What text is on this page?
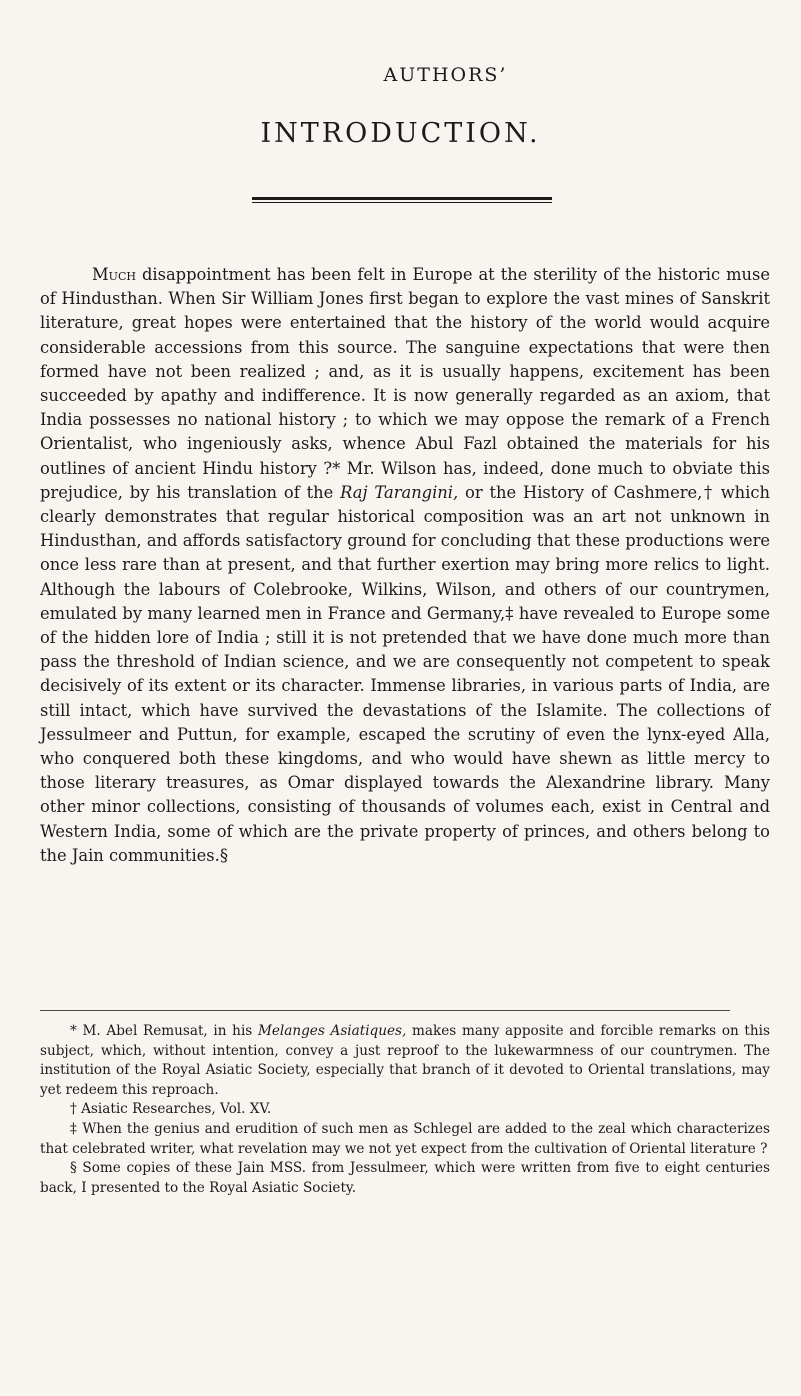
AUTHORS’
INTRODUCTION.

Much disappointment has been felt in Europe at the sterility of the historic muse of Hindusthan. When Sir William Jones first began to explore the vast mines of Sanskrit literature, great hopes were entertained that the history of the world would acquire considerable accessions from this source. The sanguine expectations that were then formed have not been realized ; and, as it is usually happens, excitement has been succeeded by apathy and indifference. It is now generally regarded as an axiom, that India possesses no national history ; to which we may oppose the remark of a French Orientalist, who ingeniously asks, whence Abul Fazl obtained the materials for his outlines of ancient Hindu history ?* Mr. Wilson has, indeed, done much to obviate this prejudice, by his translation of the Raj Tarangini, or the History of Cashmere,† which clearly demonstrates that regular historical composition was an art not unknown in Hindusthan, and affords satisfactory ground for concluding that these productions were once less rare than at present, and that further exertion may bring more relics to light. Although the labours of Colebrooke, Wilkins, Wilson, and others of our countrymen, emulated by many learned men in France and Germany,‡ have revealed to Europe some of the hidden lore of India ; still it is not pretended that we have done much more than pass the threshold of Indian science, and we are consequently not competent to speak decisively of its extent or its character. Immense libraries, in various parts of India, are still intact, which have survived the devastations of the Islamite. The collections of Jessulmeer and Puttun, for example, escaped the scrutiny of even the lynx-eyed Alla, who conquered both these kingdoms, and who would have shewn as little mercy to those literary treasures, as Omar displayed towards the Alexandrine library. Many other minor collections, consisting of thousands of volumes each, exist in Central and Western India, some of which are the private property of princes, and others belong to the Jain communities.§

* M. Abel Remusat, in his Melanges Asiatiques, makes many apposite and forcible remarks on this subject, which, without intention, convey a just reproof to the lukewarmness of our countrymen. The institution of the Royal Asiatic Society, especially that branch of it devoted to Oriental translations, may yet redeem this reproach.

† Asiatic Researches, Vol. XV.

‡ When the genius and erudition of such men as Schlegel are added to the zeal which characterizes that celebrated writer, what revelation may we not yet expect from the cultivation of Oriental literature ?

§ Some copies of these Jain MSS. from Jessulmeer, which were written from five to eight centuries back, I presented to the Royal Asiatic Society.
